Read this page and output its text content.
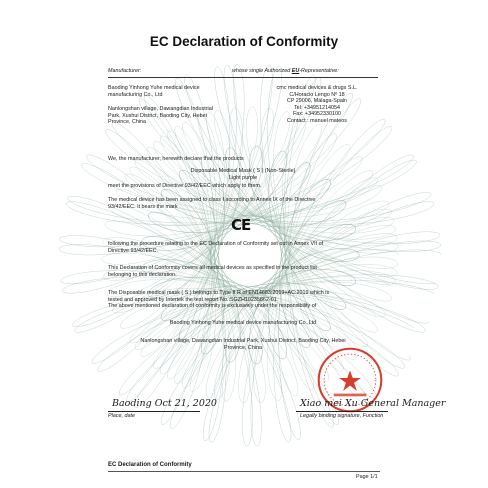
EC Declaration of Conformity
Manufacturer:	whose single Authorized EU-Representative:
Baoding Yinhong Yuhe medical device
manufacturing Co., Ltd
Nanlongshan village, Dawangdian Industrial
Park, Xushui District, Baoding City, Hebei
Province, China
cmc medical devices & drugs S.L.
C/Horacio Lengo Nº 18
CP 29006, Málaga-Spain
Tel: +34951214054
Fax: +34952330100
Contact : manuel mateos
We, the manufacturer, herewith declare that the products
Disposable Medical Mask ( S ) (Non-Sterile)
Light purple
meet the provisions of Directive 93/42/EEC which apply to them.
The medical device has been assigned to class I according to Annex IX of the Directive
93/42/EEC. It bears the mark
CE
following the procedure relating to the EC Declaration of Conformity set out in Annex VII of
Directive 93/42/EEC.
This Declaration of Conformity covers all medical devices as specified in the product list
belonging to this declaration.
The Disposable medical mask ( S ) belongs to Type II R of EN14683:2019+AC:2019 which is
tested and approved by Intertek the test report No.:SGZH10235862-01
The above mentioned declaration of conformity is exclusively under the responsibility of
Baoding Yinhong Yuhe medical device manufacturing Co.,Ltd
Nanlongshan village, Dawangdian Industrial Park, Xushui District, Baoding City, Hebei
Province, China
Baoding Oct 21, 2020
Place, date
Xiao mei Xu General Manager
Legally binding signature, Function
EC Declaration of Conformity
Page 1/1
